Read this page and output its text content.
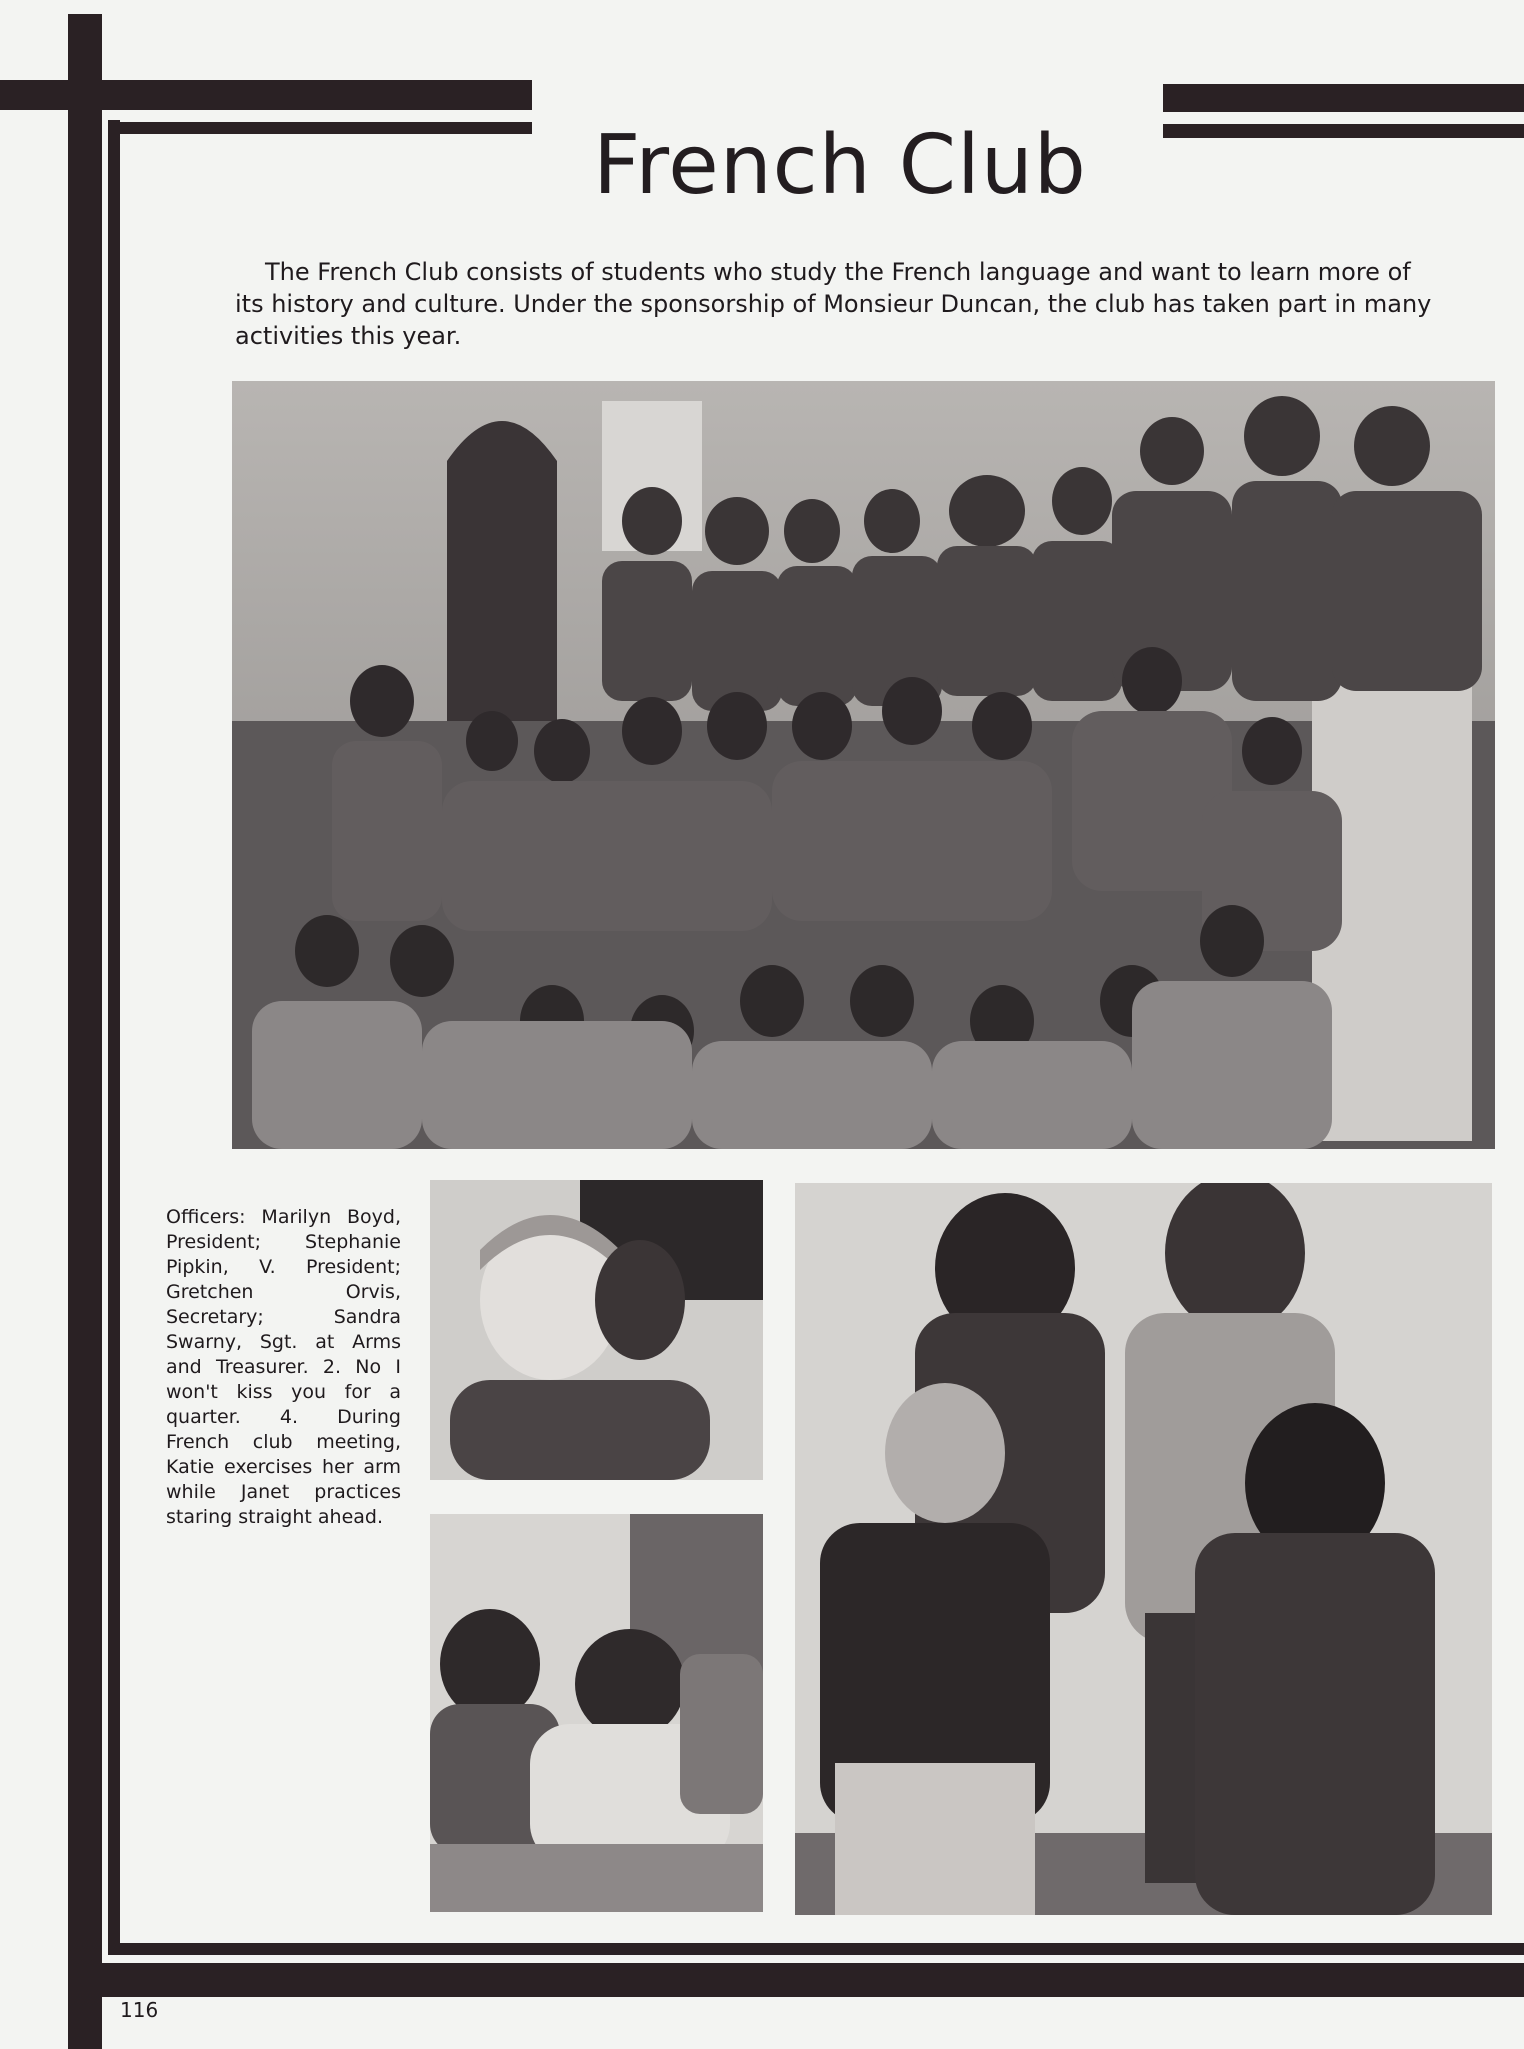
French Club

The French Club consists of students who study the French language and want to learn more of its history and culture. Under the sponsorship of Monsieur Duncan, the club has taken part in many activities this year.

Officers: Marilyn Boyd, President; Stephanie Pipkin, V. President; Gretchen Orvis, Secretary; Sandra Swarny, Sgt. at Arms and Treasurer. 2. No I won't kiss you for a quarter. 4. During French club meeting, Katie exercises her arm while Janet practices staring straight ahead.

116
